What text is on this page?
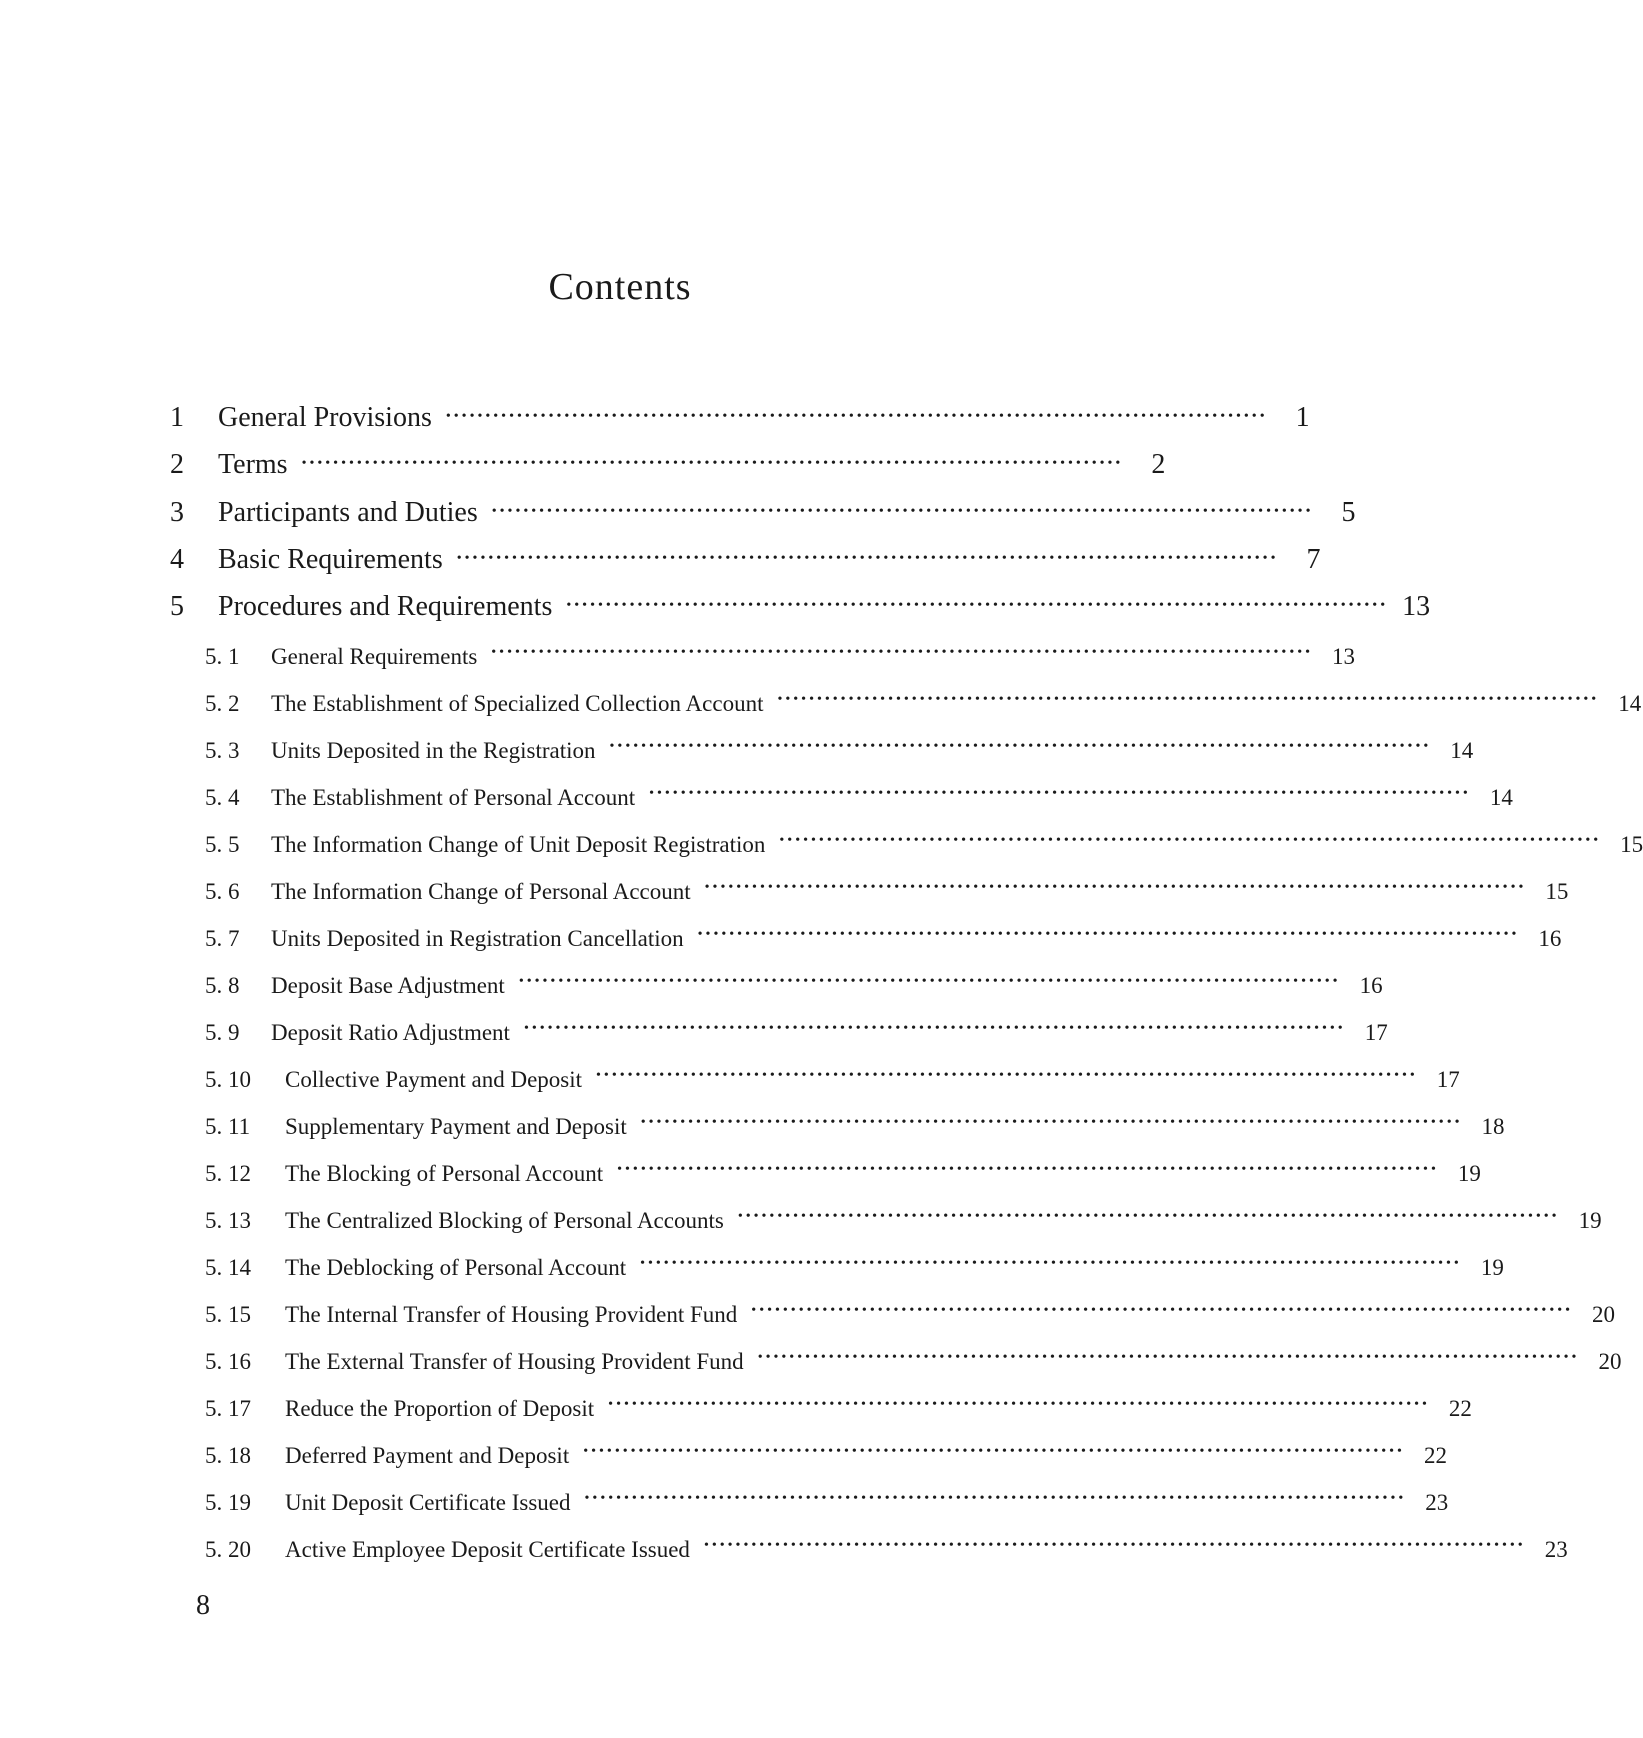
Contents
1	General Provisions	••••••••••••••••••••••••••••••••••••••••••••••••••••••••••••••••••••••••••••••••••••••••••••••••••••••••	1
2	Terms	••••••••••••••••••••••••••••••••••••••••••••••••••••••••••••••••••••••••••••••••••••••••••••••••••••••••	2
3	Participants and Duties	••••••••••••••••••••••••••••••••••••••••••••••••••••••••••••••••••••••••••••••••••••••••••••••••••••••••	5
4	Basic Requirements	••••••••••••••••••••••••••••••••••••••••••••••••••••••••••••••••••••••••••••••••••••••••••••••••••••••••	7
5	Procedures and Requirements	•••••••••••••••••••••••••••••••••••••••••••••••••••••••••••••••••••••••••••••••••••••••••••••••••••••••• 13
5. 1	General Requirements	•••••••••••••••••••••••••••••••••••••••••••••••••••••••••••••••••••••••••••••••••••••••••••••••••••••••• 13
5. 2	The Establishment of Specialized Collection Account	•••••••••••••••••••••••••••••••••••••••••••••••••••••••••••••••••••••••••••••••••••••••••••••••••••••••• 14
5. 3	Units Deposited in the Registration	•••••••••••••••••••••••••••••••••••••••••••••••••••••••••••••••••••••••••••••••••••••••••••••••••••••••• 14
5. 4	The Establishment of Personal Account	•••••••••••••••••••••••••••••••••••••••••••••••••••••••••••••••••••••••••••••••••••••••••••••••••••••••• 14
5. 5	The Information Change of Unit Deposit Registration	•••••••••••••••••••••••••••••••••••••••••••••••••••••••••••••••••••••••••••••••••••••••••••••••••••••••• 15
5. 6	The Information Change of Personal Account	•••••••••••••••••••••••••••••••••••••••••••••••••••••••••••••••••••••••••••••••••••••••••••••••••••••••• 15
5. 7	Units Deposited in Registration Cancellation	•••••••••••••••••••••••••••••••••••••••••••••••••••••••••••••••••••••••••••••••••••••••••••••••••••••••• 16
5. 8	Deposit Base Adjustment	•••••••••••••••••••••••••••••••••••••••••••••••••••••••••••••••••••••••••••••••••••••••••••••••••••••••• 16
5. 9	Deposit Ratio Adjustment	•••••••••••••••••••••••••••••••••••••••••••••••••••••••••••••••••••••••••••••••••••••••••••••••••••••••• 17
5. 10	Collective Payment and Deposit	•••••••••••••••••••••••••••••••••••••••••••••••••••••••••••••••••••••••••••••••••••••••••••••••••••••••• 17
5. 11	Supplementary Payment and Deposit	•••••••••••••••••••••••••••••••••••••••••••••••••••••••••••••••••••••••••••••••••••••••••••••••••••••••• 18
5. 12	The Blocking of Personal Account	•••••••••••••••••••••••••••••••••••••••••••••••••••••••••••••••••••••••••••••••••••••••••••••••••••••••• 19
5. 13	The Centralized Blocking of Personal Accounts	•••••••••••••••••••••••••••••••••••••••••••••••••••••••••••••••••••••••••••••••••••••••••••••••••••••••• 19
5. 14	The Deblocking of Personal Account	•••••••••••••••••••••••••••••••••••••••••••••••••••••••••••••••••••••••••••••••••••••••••••••••••••••••• 19
5. 15	The Internal Transfer of Housing Provident Fund	•••••••••••••••••••••••••••••••••••••••••••••••••••••••••••••••••••••••••••••••••••••••••••••••••••••••• 20
5. 16	The External Transfer of Housing Provident Fund	•••••••••••••••••••••••••••••••••••••••••••••••••••••••••••••••••••••••••••••••••••••••••••••••••••••••• 20
5. 17	Reduce the Proportion of Deposit	•••••••••••••••••••••••••••••••••••••••••••••••••••••••••••••••••••••••••••••••••••••••••••••••••••••••• 22
5. 18	Deferred Payment and Deposit	•••••••••••••••••••••••••••••••••••••••••••••••••••••••••••••••••••••••••••••••••••••••••••••••••••••••• 22
5. 19	Unit Deposit Certificate Issued	•••••••••••••••••••••••••••••••••••••••••••••••••••••••••••••••••••••••••••••••••••••••••••••••••••••••• 23
5. 20	Active Employee Deposit Certificate Issued	•••••••••••••••••••••••••••••••••••••••••••••••••••••••••••••••••••••••••••••••••••••••••••••••••••••••• 23
8
